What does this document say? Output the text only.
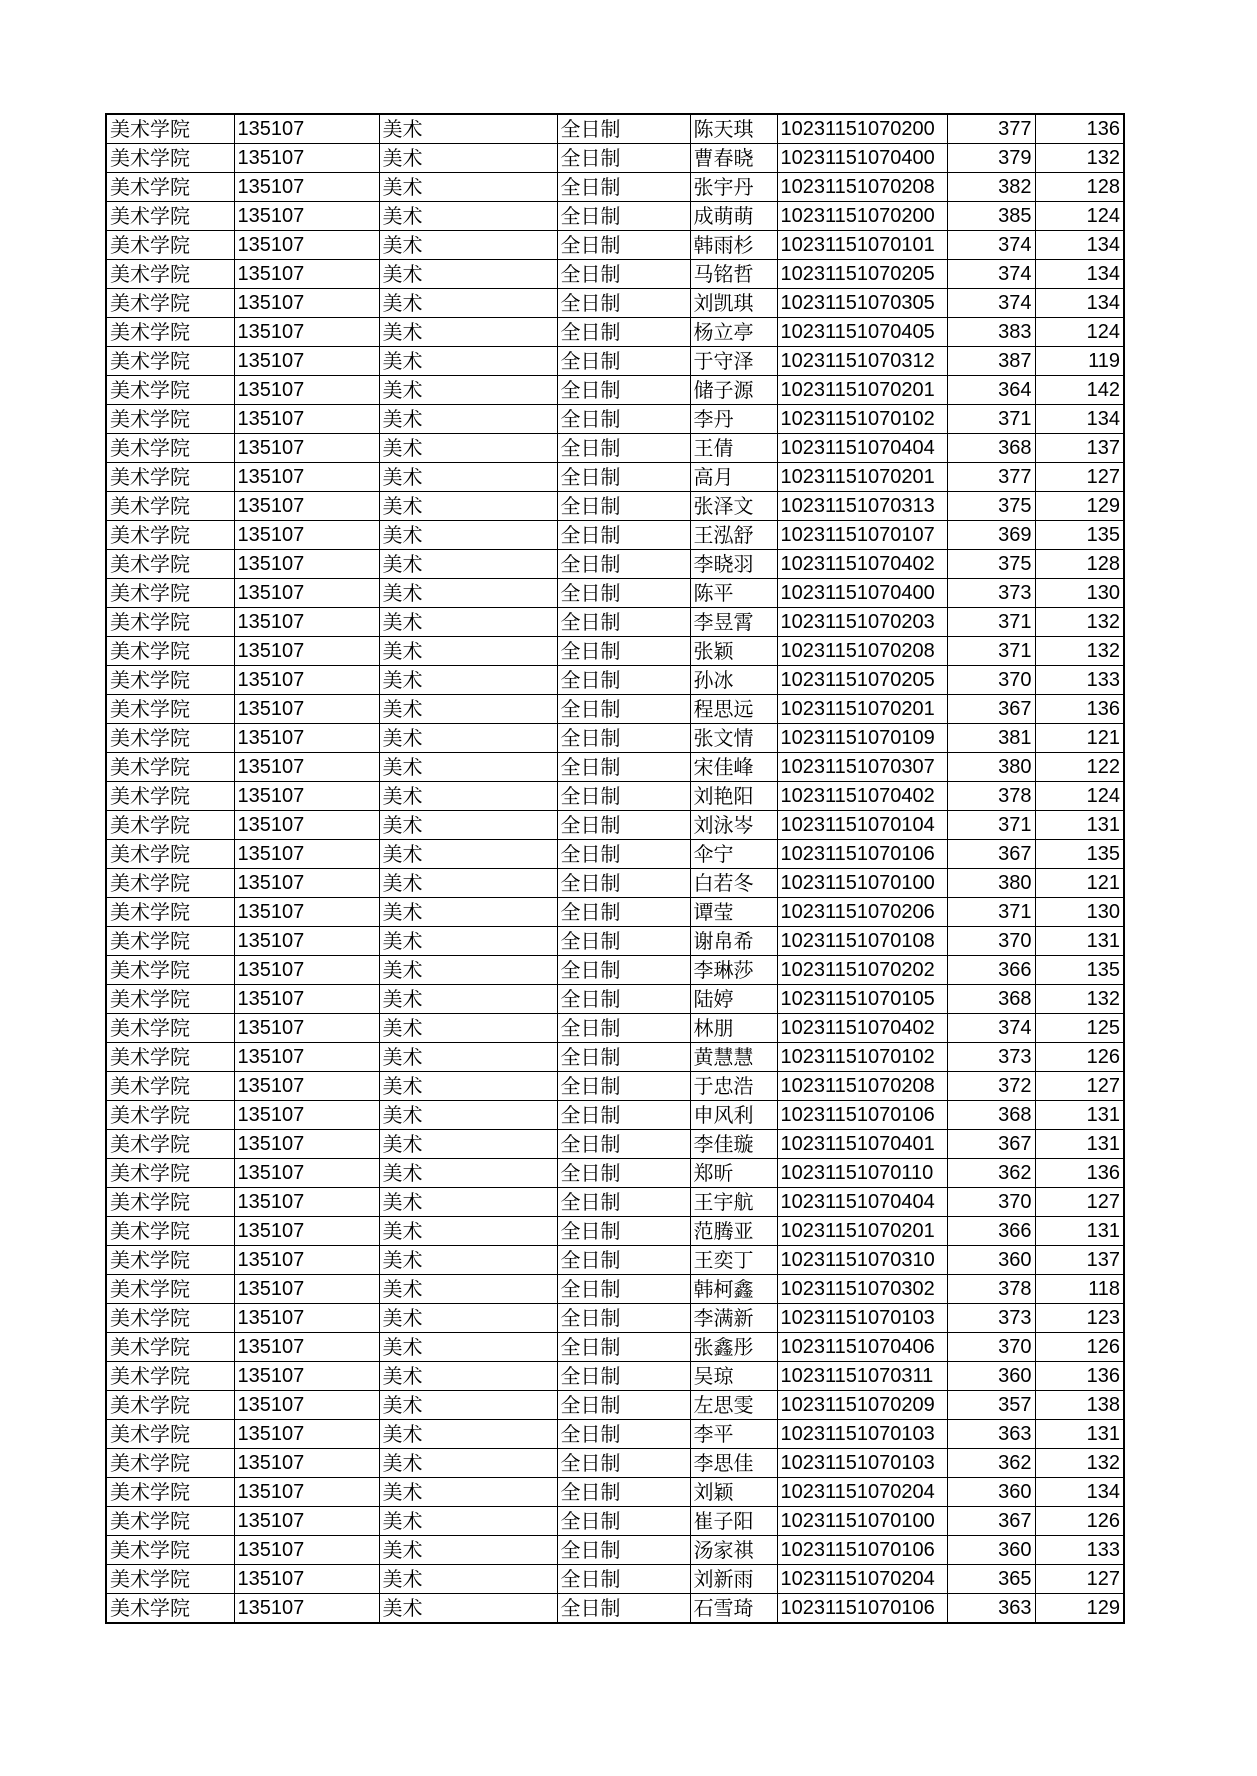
美术学院	135107	美术	全日制	陈天琪	10231151070200	377	136
美术学院	135107	美术	全日制	曹春晓	10231151070400	379	132
美术学院	135107	美术	全日制	张宇丹	10231151070208	382	128
美术学院	135107	美术	全日制	成萌萌	10231151070200	385	124
美术学院	135107	美术	全日制	韩雨杉	10231151070101	374	134
美术学院	135107	美术	全日制	马铭哲	10231151070205	374	134
美术学院	135107	美术	全日制	刘凯琪	10231151070305	374	134
美术学院	135107	美术	全日制	杨立亭	10231151070405	383	124
美术学院	135107	美术	全日制	于守泽	10231151070312	387	119
美术学院	135107	美术	全日制	储子源	10231151070201	364	142
美术学院	135107	美术	全日制	李丹	10231151070102	371	134
美术学院	135107	美术	全日制	王倩	10231151070404	368	137
美术学院	135107	美术	全日制	高月	10231151070201	377	127
美术学院	135107	美术	全日制	张泽文	10231151070313	375	129
美术学院	135107	美术	全日制	王泓舒	10231151070107	369	135
美术学院	135107	美术	全日制	李晓羽	10231151070402	375	128
美术学院	135107	美术	全日制	陈平	10231151070400	373	130
美术学院	135107	美术	全日制	李昱霄	10231151070203	371	132
美术学院	135107	美术	全日制	张颖	10231151070208	371	132
美术学院	135107	美术	全日制	孙冰	10231151070205	370	133
美术学院	135107	美术	全日制	程思远	10231151070201	367	136
美术学院	135107	美术	全日制	张文情	10231151070109	381	121
美术学院	135107	美术	全日制	宋佳峰	10231151070307	380	122
美术学院	135107	美术	全日制	刘艳阳	10231151070402	378	124
美术学院	135107	美术	全日制	刘泳岑	10231151070104	371	131
美术学院	135107	美术	全日制	伞宁	10231151070106	367	135
美术学院	135107	美术	全日制	白若冬	10231151070100	380	121
美术学院	135107	美术	全日制	谭莹	10231151070206	371	130
美术学院	135107	美术	全日制	谢帛希	10231151070108	370	131
美术学院	135107	美术	全日制	李琳莎	10231151070202	366	135
美术学院	135107	美术	全日制	陆婷	10231151070105	368	132
美术学院	135107	美术	全日制	林朋	10231151070402	374	125
美术学院	135107	美术	全日制	黄慧慧	10231151070102	373	126
美术学院	135107	美术	全日制	于忠浩	10231151070208	372	127
美术学院	135107	美术	全日制	申风利	10231151070106	368	131
美术学院	135107	美术	全日制	李佳璇	10231151070401	367	131
美术学院	135107	美术	全日制	郑昕	10231151070110	362	136
美术学院	135107	美术	全日制	王宇航	10231151070404	370	127
美术学院	135107	美术	全日制	范腾亚	10231151070201	366	131
美术学院	135107	美术	全日制	王奕丁	10231151070310	360	137
美术学院	135107	美术	全日制	韩柯鑫	10231151070302	378	118
美术学院	135107	美术	全日制	李满新	10231151070103	373	123
美术学院	135107	美术	全日制	张鑫彤	10231151070406	370	126
美术学院	135107	美术	全日制	吴琼	10231151070311	360	136
美术学院	135107	美术	全日制	左思雯	10231151070209	357	138
美术学院	135107	美术	全日制	李平	10231151070103	363	131
美术学院	135107	美术	全日制	李思佳	10231151070103	362	132
美术学院	135107	美术	全日制	刘颖	10231151070204	360	134
美术学院	135107	美术	全日制	崔子阳	10231151070100	367	126
美术学院	135107	美术	全日制	汤家祺	10231151070106	360	133
美术学院	135107	美术	全日制	刘新雨	10231151070204	365	127
美术学院	135107	美术	全日制	石雪琦	10231151070106	363	129
